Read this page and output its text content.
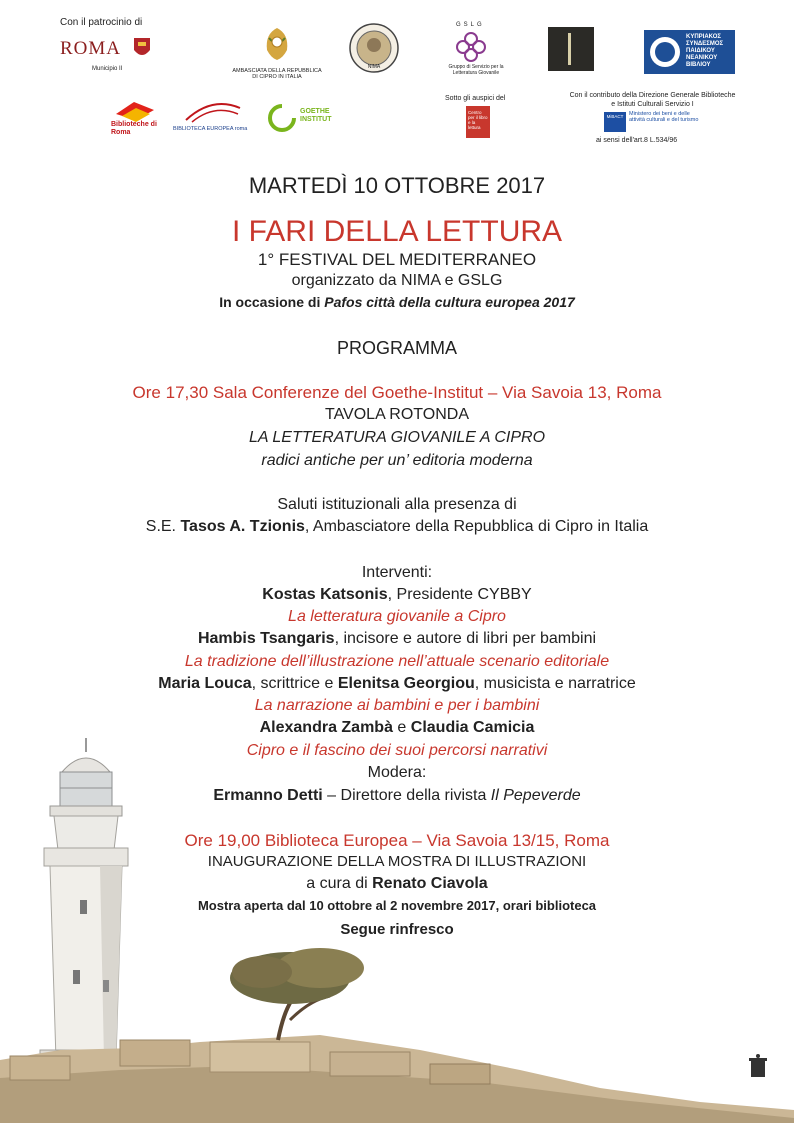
Con il patrocinio di
ROMA
Municipio II	AMBASCIATA DELLA REPUBBLICA DI CIPRO IN ITALIA
NIMA
GSLG
Gruppo di Servizio per la Letteratura Giovanile
ΚΥΠΡΙΑΚΟΣ
ΣΥΝΔΕΣΜΟΣ
ΠΑΙΔΙΚΟΥ
ΝΕΑΝΙΚΟΥ
ΒΙΒΛΙΟΥ
Biblioteche di Roma	BIBLIOTECA EUROPEA roma
GOETHE
INSTITUT
Sotto gli auspici del
Centro per il libro e la lettura
Con il contributo della Direzione Generale Biblioteche
e Istituti Culturali Servizio I
MiBACT	Ministero dei beni e delle attività culturali e del turismo
ai sensi dell'art.8 L.534/96
MARTEDÌ 10 OTTOBRE 2017
I FARI DELLA LETTURA
1° FESTIVAL DEL MEDITERRANEO
organizzato da NIMA e GSLG
In occasione di Pafos città della cultura europea 2017
PROGRAMMA
Ore 17,30 Sala Conferenze del Goethe-Institut – Via Savoia 13, Roma
TAVOLA ROTONDA
LA LETTERATURA GIOVANILE A CIPRO
radici antiche per un’ editoria moderna
Saluti istituzionali alla presenza di
S.E. Tasos A. Tzionis, Ambasciatore della Repubblica di Cipro in Italia
Interventi:
Kostas Katsonis, Presidente CYBBY
La letteratura giovanile a Cipro
Hambis Tsangaris, incisore e autore di libri per bambini
La tradizione dell’illustrazione nell’attuale scenario editoriale
Maria Louca, scrittrice e Elenitsa Georgiou, musicista e narratrice
La narrazione ai bambini e per i bambini
Alexandra Zambà e Claudia Camicia
Cipro e il fascino dei suoi percorsi narrativi
Modera:
Ermanno Detti – Direttore della rivista Il Pepeverde
Ore 19,00 Biblioteca Europea – Via Savoia 13/15, Roma
INAUGURAZIONE DELLA MOSTRA DI ILLUSTRAZIONI
a cura di Renato Ciavola
Mostra aperta dal 10 ottobre al 2 novembre 2017, orari biblioteca
Segue rinfresco
